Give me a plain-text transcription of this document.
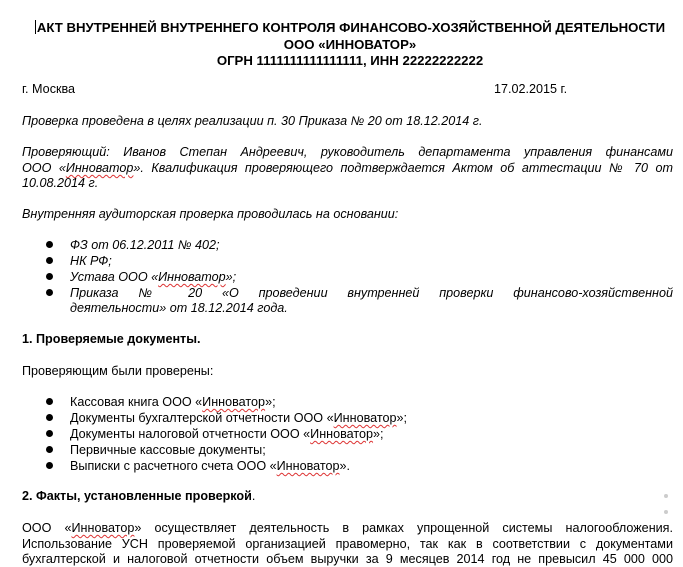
АКТ ВНУТРЕННЕЙ ВНУТРЕННЕГО КОНТРОЛЯ ФИНАНСОВО-ХОЗЯЙСТВЕННОЙ ДЕЯТЕЛЬНОСТИ
ООО «ИННОВАТОР»
ОГРН 1111111111111111, ИНН 22222222222
г. Москва	17.02.2015 г.
Проверка проведена в целях реализации п. 30 Приказа № 20 от 18.12.2014 г.
Проверяющий: Иванов Степан Андреевич, руководитель департамента управления финансами
ООО «Инноватор». Квалификация проверяющего подтверждается Актом об аттестации № 70 от
10.08.2014 г.
Внутренняя аудиторская проверка проводилась на основании:
ФЗ от 06.12.2011 № 402;
НК РФ;
Устава ООО «Инноватор»;
Приказа № 20 «О проведении внутренней проверки финансово-хозяйственной
деятельности» от 18.12.2014 года.
1. Проверяемые документы.
Проверяющим были проверены:
Кассовая книга ООО «Инноватор»;
Документы бухгалтерской отчетности ООО «Инноватор»;
Документы налоговой отчетности ООО «Инноватор»;
Первичные кассовые документы;
Выписки с расчетного счета ООО «Инноватор».
2. Факты, установленные проверкой.
ООО «Инноватор» осуществляет деятельность в рамках упрощенной системы налогообложения.
Использование УСН проверяемой организацией правомерно, так как в соответствии с документами
бухгалтерской и налоговой отчетности объем выручки за 9 месяцев 2014 год не превысил 45 000 000
